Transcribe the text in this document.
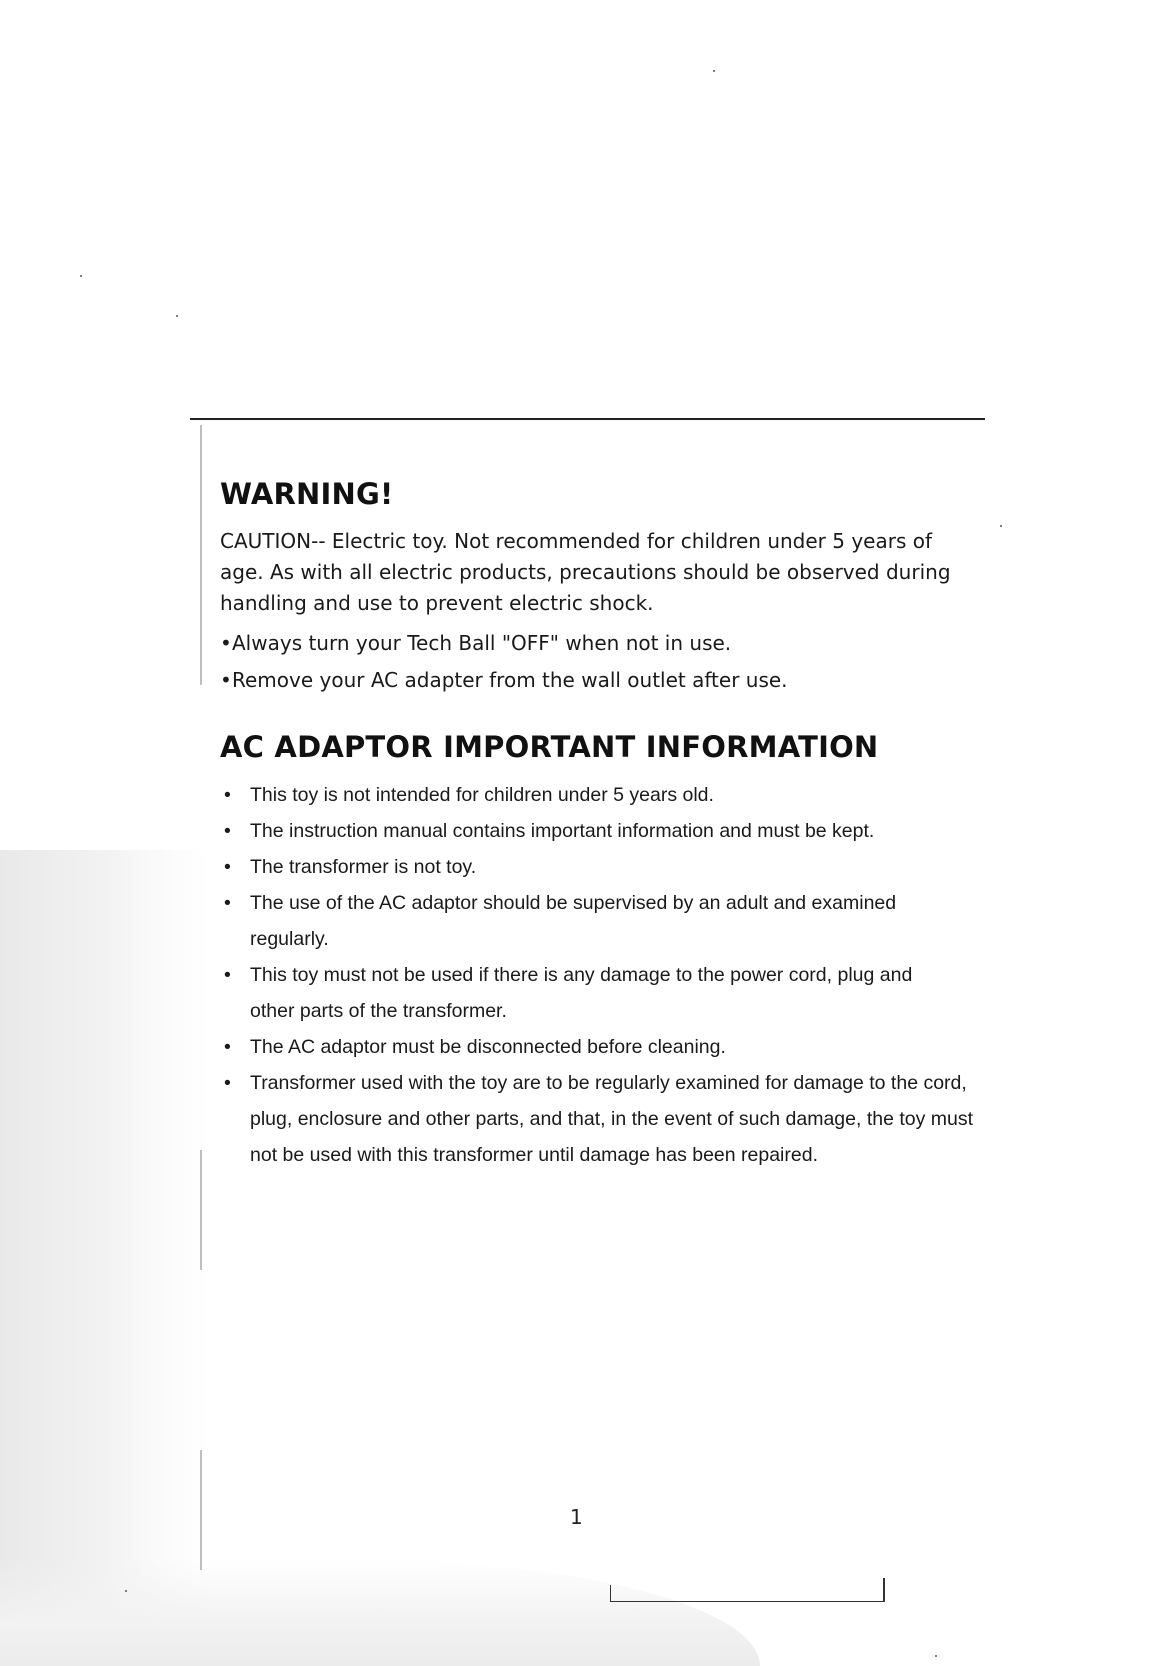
WARNING!

CAUTION-- Electric toy. Not recommended for children under 5 years of age. As with all electric products, precautions should be observed during handling and use to prevent electric shock.

•Always turn your Tech Ball "OFF" when not in use.
•Remove your AC adapter from the wall outlet after use.
AC ADAPTOR IMPORTANT INFORMATION
• This toy is not intended for children under 5 years old.
• The instruction manual contains important information and must be kept.
• The transformer is not toy.
• The use of the AC adaptor should be supervised by an adult and examined regularly.
• This toy must not be used if there is any damage to the power cord, plug and other parts of the transformer.
• The AC adaptor must be disconnected before cleaning.
• Transformer used with the toy are to be regularly examined for damage to the cord, plug, enclosure and other parts, and that, in the event of such damage, the toy must not be used with this transformer until damage has been repaired.
1
